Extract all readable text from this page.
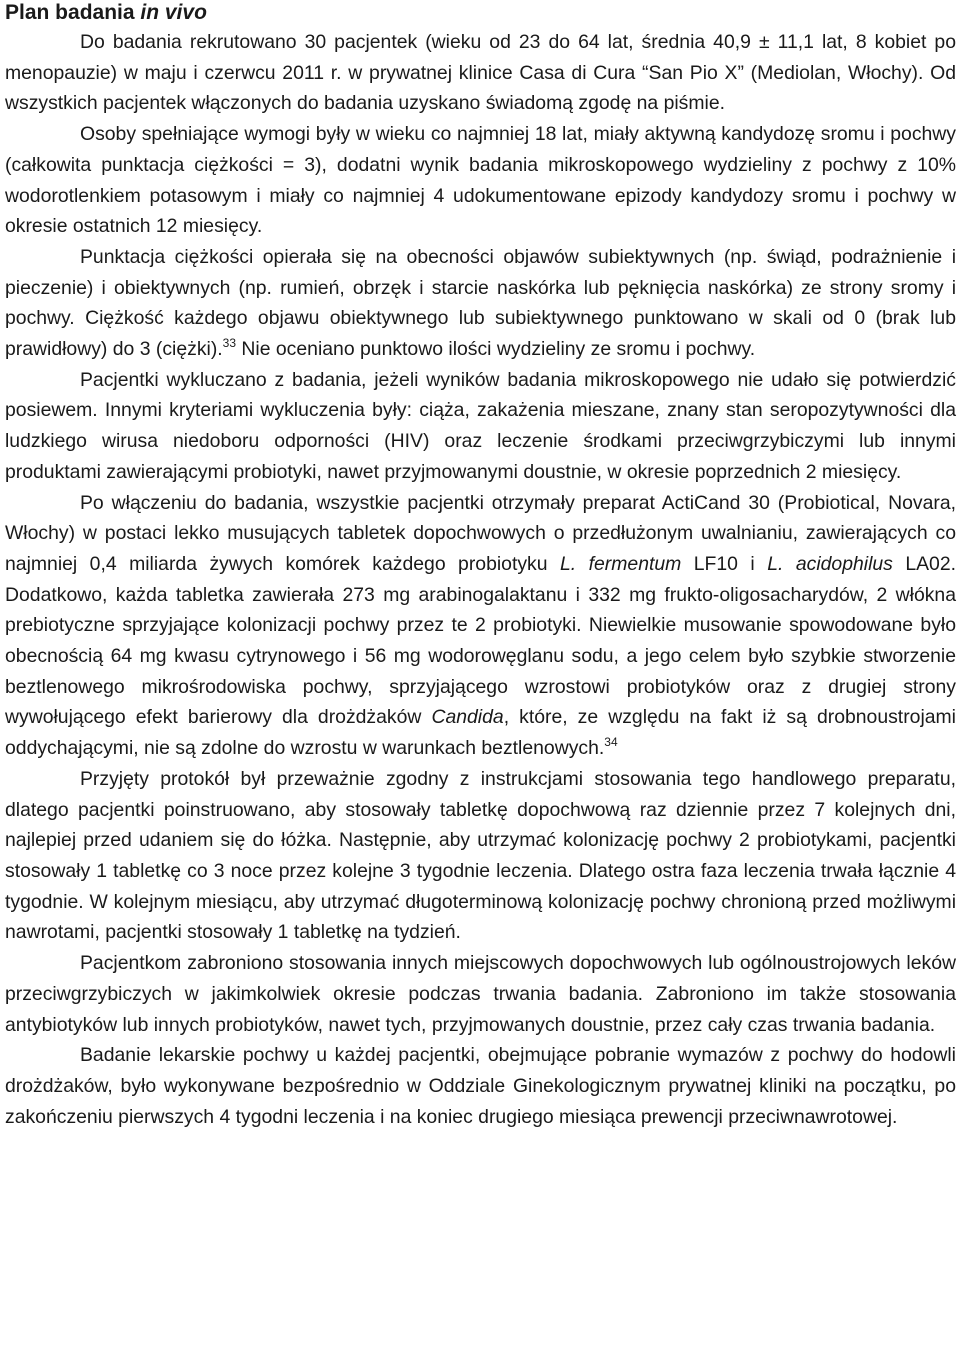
Plan badania in vivo

Do badania rekrutowano 30 pacjentek (wieku od 23 do 64 lat, średnia 40,9 ± 11,1 lat, 8 kobiet po menopauzie) w maju i czerwcu 2011 r. w prywatnej klinice Casa di Cura “San Pio X” (Mediolan, Włochy). Od wszystkich pacjentek włączonych do badania uzyskano świadomą zgodę na piśmie.

Osoby spełniające wymogi były w wieku co najmniej 18 lat, miały aktywną kandydozę sromu i pochwy (całkowita punktacja ciężkości = 3), dodatni wynik badania mikroskopowego wydzieliny z pochwy z 10% wodorotlenkiem potasowym i miały co najmniej 4 udokumentowane epizody kandydozy sromu i pochwy w okresie ostatnich 12 miesięcy.

Punktacja ciężkości opierała się na obecności objawów subiektywnych (np. świąd, podrażnienie i pieczenie) i obiektywnych (np. rumień, obrzęk i starcie naskórka lub pęknięcia naskórka) ze strony sromy i pochwy. Ciężkość każdego objawu obiektywnego lub subiektywnego punktowano w skali od 0 (brak lub prawidłowy) do 3 (ciężki).$^{33}$ Nie oceniano punktowo ilości wydzieliny ze sromu i pochwy.

Pacjentki wykluczano z badania, jeżeli wyników badania mikroskopowego nie udało się potwierdzić posiewem. Innymi kryteriami wykluczenia były: ciąża, zakażenia mieszane, znany stan seropozytywności dla ludzkiego wirusa niedoboru odporności (HIV) oraz leczenie środkami przeciwgrzybiczymi lub innymi produktami zawierającymi probiotyki, nawet przyjmowanymi doustnie, w okresie poprzednich 2 miesięcy.

Po włączeniu do badania, wszystkie pacjentki otrzymały preparat ActiCand 30 (Probiotical, Novara, Włochy) w postaci lekko musujących tabletek dopochwowych o przedłużonym uwalnianiu, zawierających co najmniej 0,4 miliarda żywych komórek każdego probiotyku L. fermentum LF10 i L. acidophilus LA02. Dodatkowo, każda tabletka zawierała 273 mg arabinogalaktanu i 332 mg frukto-oligosacharydów, 2 włókna prebiotyczne sprzyjające kolonizacji pochwy przez te 2 probiotyki. Niewielkie musowanie spowodowane było obecnością 64 mg kwasu cytrynowego i 56 mg wodorowęglanu sodu, a jego celem było szybkie stworzenie beztlenowego mikrośrodowiska pochwy, sprzyjającego wzrostowi probiotyków oraz z drugiej strony wywołującego efekt barierowy dla drożdżaków Candida, które, ze względu na fakt iż są drobnoustrojami oddychającymi, nie są zdolne do wzrostu w warunkach beztlenowych.$^{34}$

Przyjęty protokół był przeważnie zgodny z instrukcjami stosowania tego handlowego preparatu, dlatego pacjentki poinstruowano, aby stosowały tabletkę dopochwową raz dziennie przez 7 kolejnych dni, najlepiej przed udaniem się do łóżka. Następnie, aby utrzymać kolonizację pochwy 2 probiotykami, pacjentki stosowały 1 tabletkę co 3 noce przez kolejne 3 tygodnie leczenia. Dlatego ostra faza leczenia trwała łącznie 4 tygodnie. W kolejnym miesiącu, aby utrzymać długoterminową kolonizację pochwy chronioną przed możliwymi nawrotami, pacjentki stosowały 1 tabletkę na tydzień.

Pacjentkom zabroniono stosowania innych miejscowych dopochwowych lub ogólnoustrojowych leków przeciwgrzybiczych w jakimkolwiek okresie podczas trwania badania. Zabroniono im także stosowania antybiotyków lub innych probiotyków, nawet tych, przyjmowanych doustnie, przez cały czas trwania badania.

Badanie lekarskie pochwy u każdej pacjentki, obejmujące pobranie wymazów z pochwy do hodowli drożdżaków, było wykonywane bezpośrednio w Oddziale Ginekologicznym prywatnej kliniki na początku, po zakończeniu pierwszych 4 tygodni leczenia i na koniec drugiego miesiąca prewencji przeciwnawrotowej.
